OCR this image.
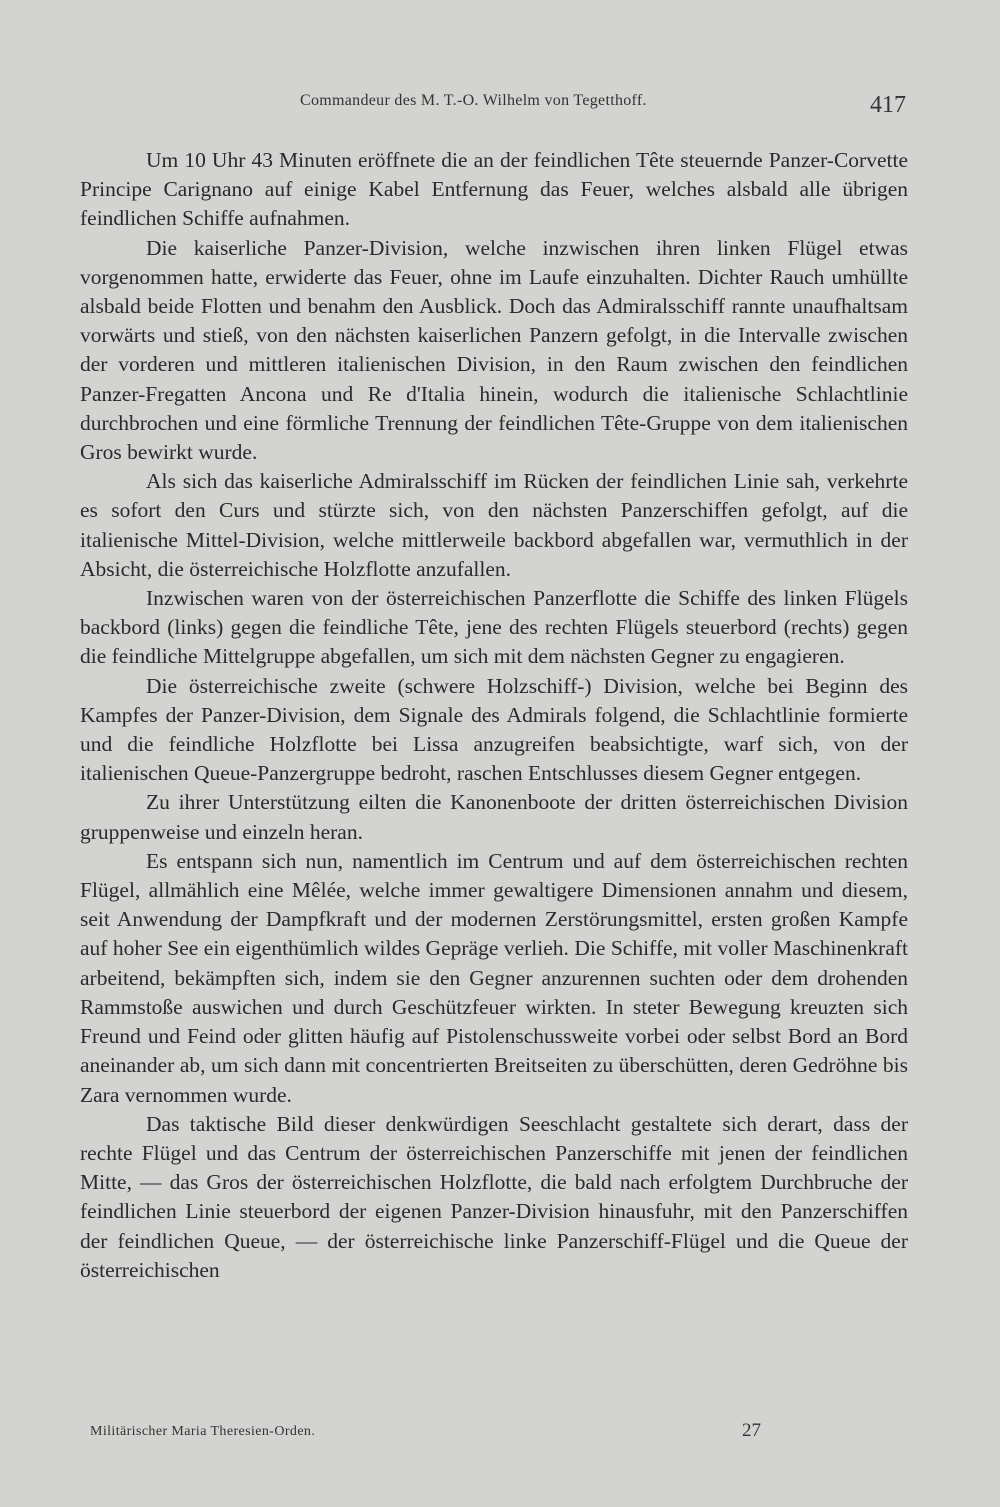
Commandeur des M. T.-O. Wilhelm von Tegetthoff.	417

Um 10 Uhr 43 Minuten eröffnete die an der feindlichen Tête steuernde Panzer-Corvette Principe Carignano auf einige Kabel Entfernung das Feuer, welches alsbald alle übrigen feindlichen Schiffe aufnahmen.

Die kaiserliche Panzer-Division, welche inzwischen ihren linken Flügel etwas vorgenommen hatte, erwiderte das Feuer, ohne im Laufe einzuhalten. Dichter Rauch umhüllte alsbald beide Flotten und benahm den Ausblick. Doch das Admiralsschiff rannte unaufhaltsam vorwärts und stieß, von den nächsten kaiserlichen Panzern gefolgt, in die Intervalle zwischen der vorderen und mittleren italienischen Division, in den Raum zwischen den feindlichen Panzer-Fregatten Ancona und Re d'Italia hinein, wodurch die italienische Schlachtlinie durchbrochen und eine förmliche Trennung der feindlichen Tête-Gruppe von dem italienischen Gros bewirkt wurde.

Als sich das kaiserliche Admiralsschiff im Rücken der feindlichen Linie sah, verkehrte es sofort den Curs und stürzte sich, von den nächsten Panzerschiffen gefolgt, auf die italienische Mittel-Division, welche mittlerweile backbord abgefallen war, vermuthlich in der Absicht, die österreichische Holzflotte anzufallen.

Inzwischen waren von der österreichischen Panzerflotte die Schiffe des linken Flügels backbord (links) gegen die feindliche Tête, jene des rechten Flügels steuerbord (rechts) gegen die feindliche Mittelgruppe abgefallen, um sich mit dem nächsten Gegner zu engagieren.

Die österreichische zweite (schwere Holzschiff-) Division, welche bei Beginn des Kampfes der Panzer-Division, dem Signale des Admirals folgend, die Schlachtlinie formierte und die feindliche Holzflotte bei Lissa anzugreifen beabsichtigte, warf sich, von der italienischen Queue-Panzergruppe bedroht, raschen Entschlusses diesem Gegner entgegen.

Zu ihrer Unterstützung eilten die Kanonenboote der dritten österreichischen Division gruppenweise und einzeln heran.

Es entspann sich nun, namentlich im Centrum und auf dem österreichischen rechten Flügel, allmählich eine Mêlée, welche immer gewaltigere Dimensionen annahm und diesem, seit Anwendung der Dampfkraft und der modernen Zerstörungsmittel, ersten großen Kampfe auf hoher See ein eigenthümlich wildes Gepräge verlieh. Die Schiffe, mit voller Maschinenkraft arbeitend, bekämpften sich, indem sie den Gegner anzurennen suchten oder dem drohenden Rammstoße auswichen und durch Geschützfeuer wirkten. In steter Bewegung kreuzten sich Freund und Feind oder glitten häufig auf Pistolenschussweite vorbei oder selbst Bord an Bord aneinander ab, um sich dann mit concentrierten Breitseiten zu überschütten, deren Gedröhne bis Zara vernommen wurde.

Das taktische Bild dieser denkwürdigen Seeschlacht gestaltete sich derart, dass der rechte Flügel und das Centrum der österreichischen Panzerschiffe mit jenen der feindlichen Mitte, — das Gros der österreichischen Holzflotte, die bald nach erfolgtem Durchbruche der feindlichen Linie steuerbord der eigenen Panzer-Division hinausfuhr, mit den Panzerschiffen der feindlichen Queue, — der österreichische linke Panzerschiff-Flügel und die Queue der österreichischen

Militärischer Maria Theresien-Orden.	27
